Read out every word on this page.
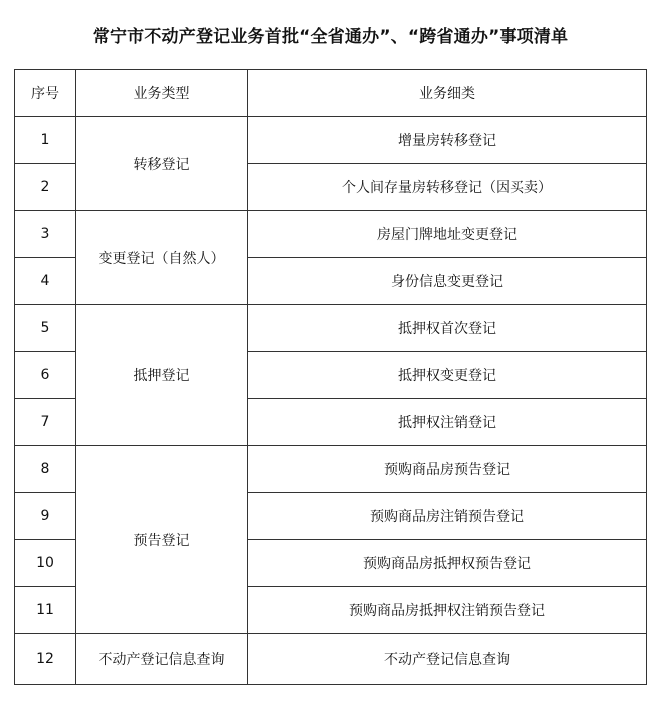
常宁市不动产登记业务首批“全省通办”、“跨省通办”事项清单
序号	业务类型	业务细类
1	转移登记	增量房转移登记
2		个人间存量房转移登记（因买卖）
3	变更登记（自然人）	房屋门牌地址变更登记
4		身份信息变更登记
5	抵押登记	抵押权首次登记
6		抵押权变更登记
7		抵押权注销登记
8	预告登记	预购商品房预告登记
9		预购商品房注销预告登记
10		预购商品房抵押权预告登记
11		预购商品房抵押权注销预告登记
12	不动产登记信息查询	不动产登记信息查询
